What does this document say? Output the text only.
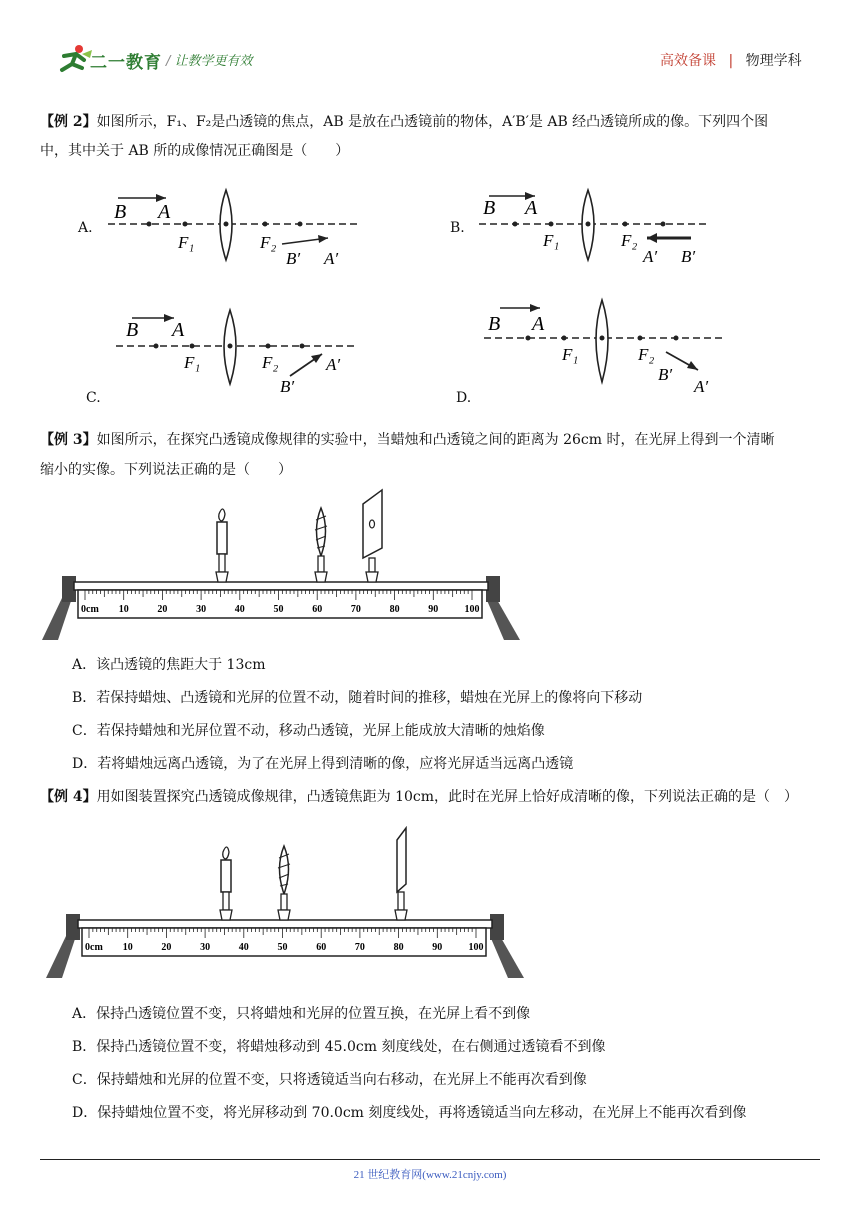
二一教育 / 让教学更有效	高效备课 | 物理学科
【例 2】如图所示，F₁、F₂是凸透镜的焦点，AB 是放在凸透镜前的物体，A′B′是 AB 经凸透镜所成的像。下列四个图
中，其中关于 AB 所的成像情况正确图是（　　）
B A
F₁	F₂
B′ A′
A.
B A
F₁	F₂
A′ B′
B.
B A
F₁	F₂
B′
A′
C.
B A
F₁	F₂
B′
A′
D.
【例 3】如图所示，在探究凸透镜成像规律的实验中，当蜡烛和凸透镜之间的距离为 26cm 时，在光屏上得到一个清晰
缩小的实像。下列说法正确的是（　　）
0cm 10	20	30	40	50	60	70	80	90	100
A．该凸透镜的焦距大于 13cm
B．若保持蜡烛、凸透镜和光屏的位置不动，随着时间的推移，蜡烛在光屏上的像将向下移动
C．若保持蜡烛和光屏位置不动，移动凸透镜，光屏上能成放大清晰的烛焰像
D．若将蜡烛远离凸透镜，为了在光屏上得到清晰的像，应将光屏适当远离凸透镜
【例 4】用如图装置探究凸透镜成像规律，凸透镜焦距为 10cm，此时在光屏上恰好成清晰的像，下列说法正确的是（　）
0cm 10	20	30	40	50	60	70	80	90	100
A．保持凸透镜位置不变，只将蜡烛和光屏的位置互换，在光屏上看不到像
B．保持凸透镜位置不变，将蜡烛移动到 45.0cm 刻度线处，在右侧通过透镜看不到像
C．保持蜡烛和光屏的位置不变，只将透镜适当向右移动，在光屏上不能再次看到像
D．保持蜡烛位置不变，将光屏移动到 70.0cm 刻度线处，再将透镜适当向左移动，在光屏上不能再次看到像
21 世纪教育网(www.21cnjy.com)
